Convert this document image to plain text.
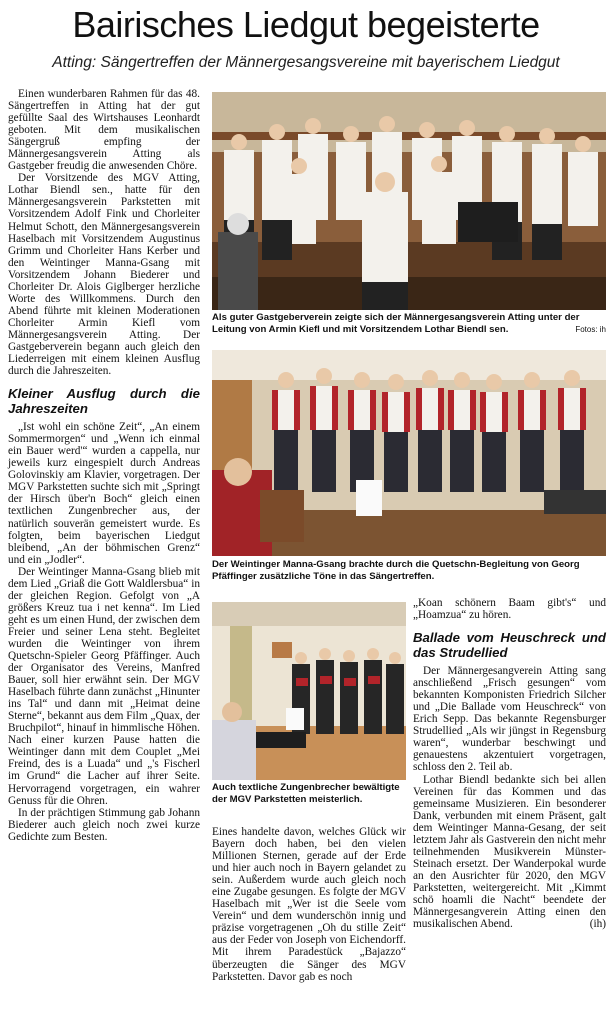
Bairisches Liedgut begeisterte
Atting: Sängertreffen der Männergesangsvereine mit bayerischem Liedgut

Einen wunderbaren Rahmen für das 48. Sängertreffen in Atting hat der gut gefüllte Saal des Wirtshauses Leonhardt geboten. Mit dem musikalischen Sängergruß empfing der Männergesangsverein Atting als Gastgeber freudig die anwesenden Chöre.

Der Vorsitzende des MGV Atting, Lothar Biendl sen., hatte für den Männergesangsverein Parkstetten mit Vorsitzendem Adolf Fink und Chorleiter Helmut Schott, den Männergesangsverein Haselbach mit Vorsitzendem Augustinus Grimm und Chorleiter Hans Kerber und den Weintinger Manna-Gsang mit Vorsitzendem Johann Biederer und Chorleiter Dr. Alois Giglberger herzliche Worte des Willkommens. Durch den Abend führte mit kleinen Moderationen Chorleiter Armin Kiefl vom Männergesangsverein Atting. Der Gastgeberverein begann auch gleich den Liederreigen mit einem kleinen Ausflug durch die Jahreszeiten.

Kleiner Ausflug durch die Jahreszeiten

„Ist wohl ein schöne Zeit“, „An einem Sommermorgen“ und „Wenn ich einmal ein Bauer werd'“ wurden a cappella, nur jeweils kurz eingespielt durch Andreas Golovinskiy am Klavier, vorgetragen. Der MGV Parkstetten suchte sich mit „Springt der Hirsch über'n Boch“ gleich einen textlichen Zungenbrecher aus, der natürlich souverän gemeistert wurde. Es folgten, beim bayerischen Liedgut bleibend, „An der böhmischen Grenz“ und ein „Jodler“.

Der Weintinger Manna-Gsang blieb mit dem Lied „Griaß die Gott Waldlersbua“ in der gleichen Region. Gefolgt von „A größers Kreuz tua i net kenna“. Im Lied geht es um einen Hund, der zwischen dem Freier und seiner Lena steht. Begleitet wurden die Weintinger von ihrem Quetschn-Spieler Georg Pfäffinger. Auch der Organisator des Vereins, Manfred Bauer, soll hier erwähnt sein. Der MGV Haselbach führte dann zunächst „Hinunter ins Tal“ und dann mit „Heimat deine Sterne“, bekannt aus dem Film „Quax, der Bruchpilot“, hinauf in himmlische Höhen. Nach einer kurzen Pause hatten die Weintinger dann mit dem Couplet „Mei Freind, des is a Luada“ und „'s Fischerl im Grund“ die Lacher auf ihrer Seite. Hervorragend vorgetragen, ein wahrer Genuss für die Ohren.

In der prächtigen Stimmung gab Johann Biederer auch gleich noch zwei kurze Gedichte zum Besten.

Als guter Gastgeberverein zeigte sich der Männergesangsverein Atting unter der Leitung von Armin Kiefl und mit Vorsitzendem Lothar Biendl sen.	Fotos: ih
Der Weintinger Manna-Gsang brachte durch die Quetschn-Begleitung von Georg Pfäffinger zusätzliche Töne in das Sängertreffen.
Auch textliche Zungenbrecher bewältigte der MGV Parkstetten meisterlich.

Eines handelte davon, welches Glück wir Bayern doch haben, bei den vielen Millionen Sternen, gerade auf der Erde und hier auch noch in Bayern gelandet zu sein. Außerdem wurde auch gleich noch eine Zugabe gesungen. Es folgte der MGV Haselbach mit „Wer ist die Seele vom Verein“ und dem wunderschön innig und präzise vorgetragenen „Oh du stille Zeit“ aus der Feder von Joseph von Eichendorff. Mit ihrem Paradestück „Bajazzo“ überzeugten die Sänger des MGV Parkstetten. Davor gab es noch

„Koan schönern Baam gibt's“ und „Hoamzua“ zu hören.

Ballade vom Heuschreck und das Strudellied

Der Männergesangverein Atting sang anschließend „Frisch gesungen“ vom bekannten Komponisten Friedrich Silcher und „Die Ballade vom Heuschreck“ von Erich Sepp. Das bekannte Regensburger Strudellied „Als wir jüngst in Regensburg waren“, wunderbar beschwingt und genauestens akzentuiert vorgetragen, schloss den 2. Teil ab.

Lothar Biendl bedankte sich bei allen Vereinen für das Kommen und das gemeinsame Musizieren. Ein besonderer Dank, verbunden mit einem Präsent, galt dem Weintinger Manna-Gesang, der seit letztem Jahr als Gastverein den nicht mehr teilnehmenden Musikverein Münster-Steinach ersetzt. Der Wanderpokal wurde an den Ausrichter für 2020, den MGV Parkstetten, weitergereicht. Mit „Kimmt schö hoamli die Nacht“ beendete der Männergesangverein Atting einen den musikalischen Abend.	(ih)
